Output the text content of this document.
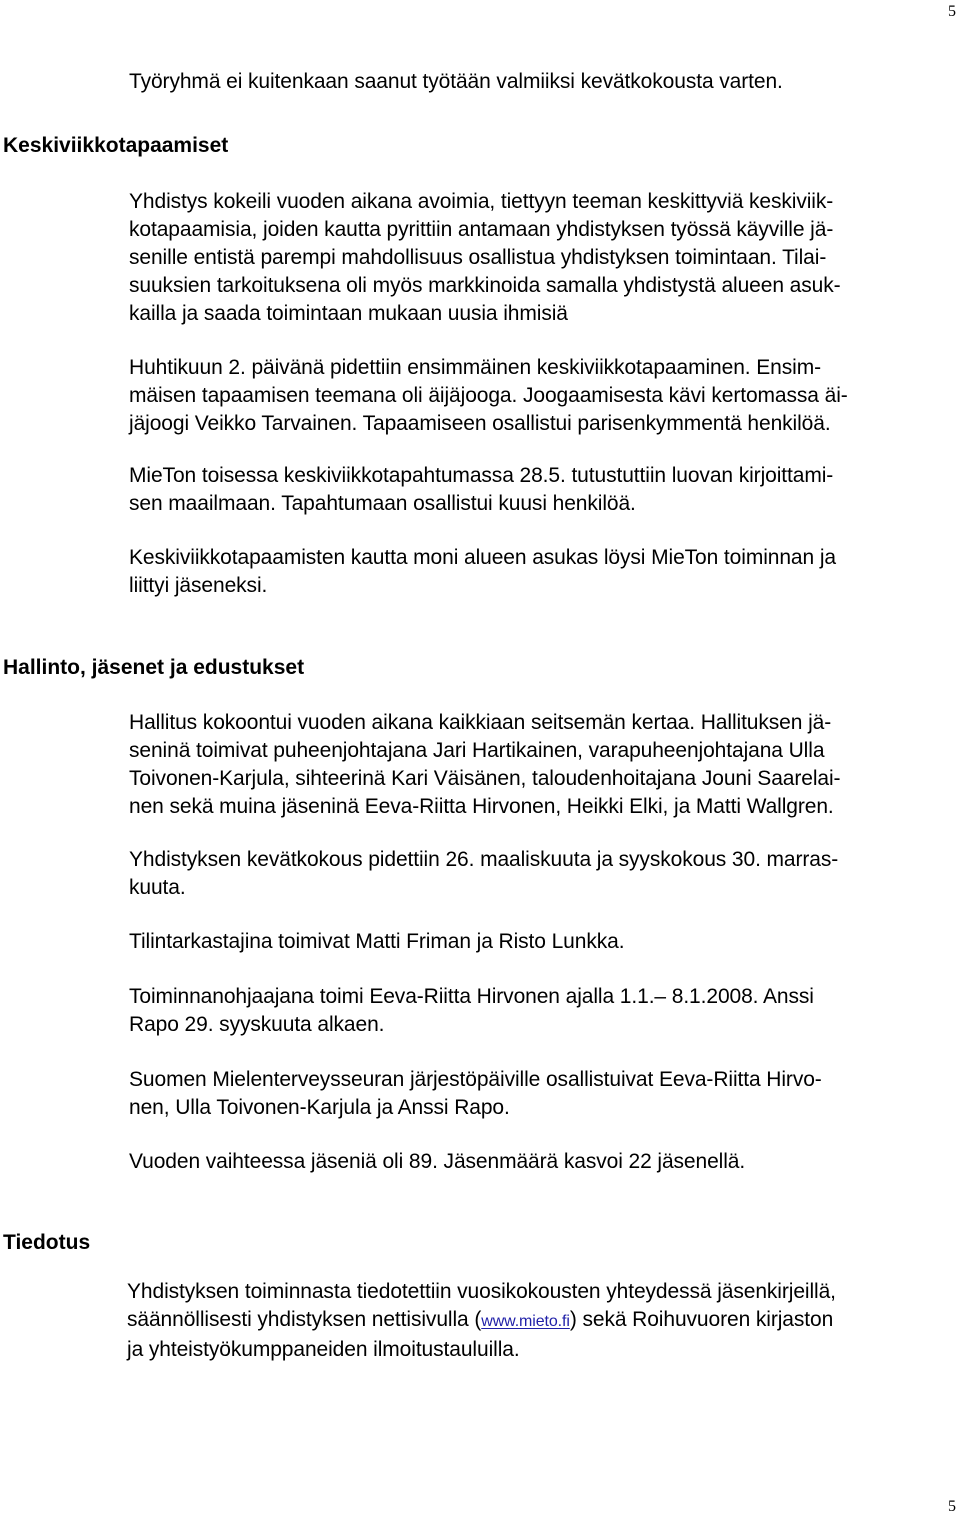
5

Työryhmä ei kuitenkaan saanut työtään valmiiksi kevätkokousta varten.

Keskiviikkotapaamiset

Yhdistys kokeili vuoden aikana avoimia, tiettyyn teeman keskittyviä keskiviik-
kotapaamisia, joiden kautta pyrittiin antamaan yhdistyksen työssä käyville jä-
senille entistä parempi mahdollisuus osallistua yhdistyksen toimintaan. Tilai-
suuksien tarkoituksena oli myös markkinoida samalla yhdistystä alueen asuk-
kailla ja saada toimintaan mukaan uusia ihmisiä

Huhtikuun 2. päivänä pidettiin ensimmäinen keskiviikkotapaaminen. Ensim-
mäisen tapaamisen teemana oli äijäjooga. Joogaamisesta kävi kertomassa äi-
jäjoogi Veikko Tarvainen. Tapaamiseen osallistui parisenkymmentä henkilöä.

MieTon toisessa keskiviikkotapahtumassa 28.5. tutustuttiin luovan kirjoittami-
sen maailmaan. Tapahtumaan osallistui kuusi henkilöä.

Keskiviikkotapaamisten kautta moni alueen asukas löysi MieTon toiminnan ja
liittyi jäseneksi.

Hallinto, jäsenet ja edustukset

Hallitus kokoontui vuoden aikana kaikkiaan seitsemän kertaa. Hallituksen jä-
seninä toimivat puheenjohtajana Jari Hartikainen, varapuheenjohtajana Ulla
Toivonen-Karjula, sihteerinä Kari Väisänen, taloudenhoitajana Jouni Saarelai-
nen sekä muina jäseninä Eeva-Riitta Hirvonen, Heikki Elki, ja Matti Wallgren.

Yhdistyksen kevätkokous pidettiin 26. maaliskuuta ja syyskokous 30. marras-
kuuta.

Tilintarkastajina toimivat Matti Friman ja Risto Lunkka.

Toiminnanohjaajana toimi Eeva-Riitta Hirvonen ajalla 1.1.– 8.1.2008. Anssi
Rapo 29. syyskuuta alkaen.

Suomen Mielenterveysseuran järjestöpäiville osallistuivat Eeva-Riitta Hirvo-
nen, Ulla Toivonen-Karjula ja Anssi Rapo.

Vuoden vaihteessa jäseniä oli 89. Jäsenmäärä kasvoi 22 jäsenellä.

Tiedotus

Yhdistyksen toiminnasta tiedotettiin vuosikokousten yhteydessä jäsenkirjeillä,
säännöllisesti yhdistyksen nettisivulla (www.mieto.fi) sekä Roihuvuoren kirjaston
ja yhteistyökumppaneiden ilmoitustauluilla.

5
